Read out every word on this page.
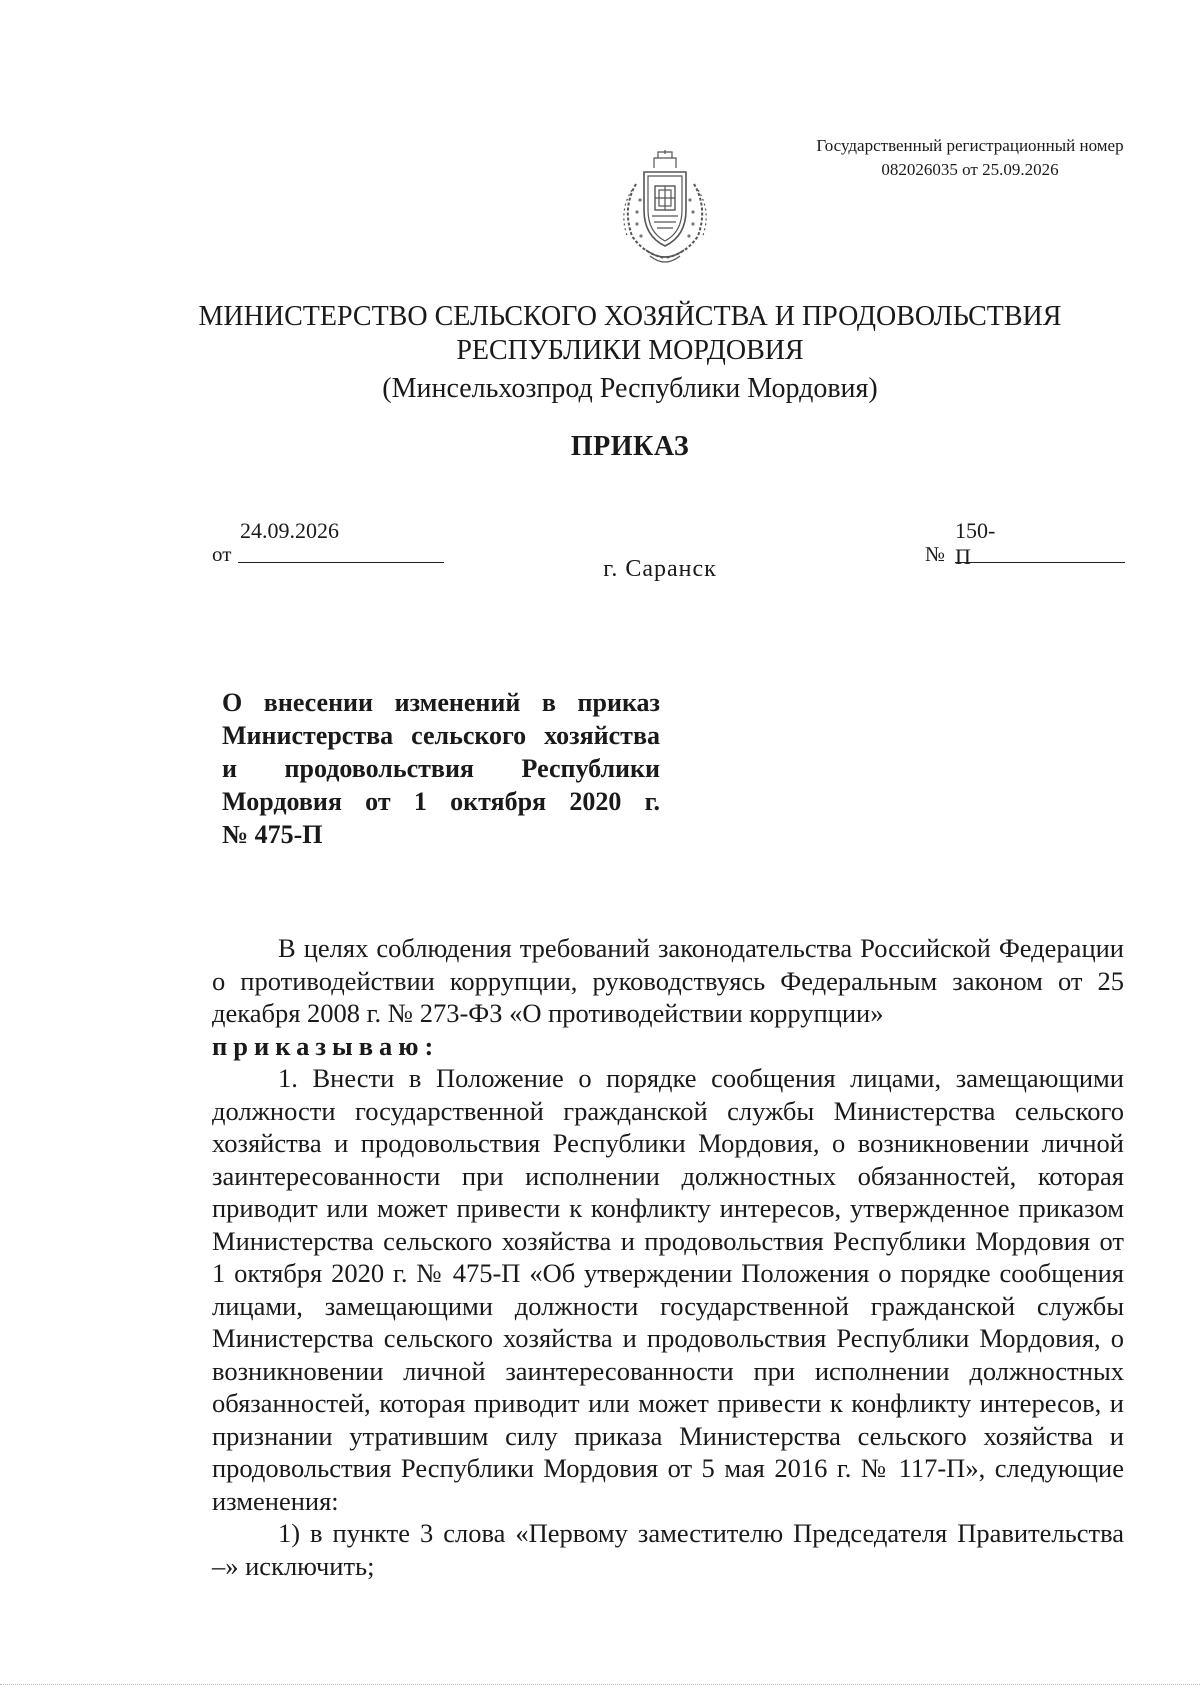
Государственный регистрационный номер
082026035 от 25.09.2026
МИНИСТЕРСТВО СЕЛЬСКОГО ХОЗЯЙСТВА И ПРОДОВОЛЬСТВИЯ
РЕСПУБЛИКИ МОРДОВИЯ
(Минсельхозпрод Республики Мордовия)
ПРИКАЗ
от
24.09.2026
№
150-П
г. Саранск
О внесении изменений в приказ
Министерства сельского хозяйства
и продовольствия Республики
Мордовия от 1 октября 2020 г.
№ 475-П

В целях соблюдения требований законодательства Российской Федерации о противодействии коррупции, руководствуясь Федеральным законом от 25 декабря 2008 г. № 273-ФЗ «О противодействии коррупции»

приказываю:

1. Внести в Положение о порядке сообщения лицами, замещающими должности государственной гражданской службы Министерства сельского хозяйства и продовольствия Республики Мордовия, о возникновении личной заинтересованности при исполнении должностных обязанностей, которая приводит или может привести к конфликту интересов, утвержденное приказом Министерства сельского хозяйства и продовольствия Республики Мордовия от 1 октября 2020 г. № 475-П «Об утверждении Положения о порядке сообщения лицами, замещающими должности государственной гражданской службы Министерства сельского хозяйства и продовольствия Республики Мордовия, о возникновении личной заинтересованности при исполнении должностных обязанностей, которая приводит или может привести к конфликту интересов, и признании утратившим силу приказа Министерства сельского хозяйства и продовольствия Республики Мордовия от 5 мая 2016 г. № 117-П», следующие изменения:

1) в пункте 3 слова «Первому заместителю Председателя Правительства –» исключить;
